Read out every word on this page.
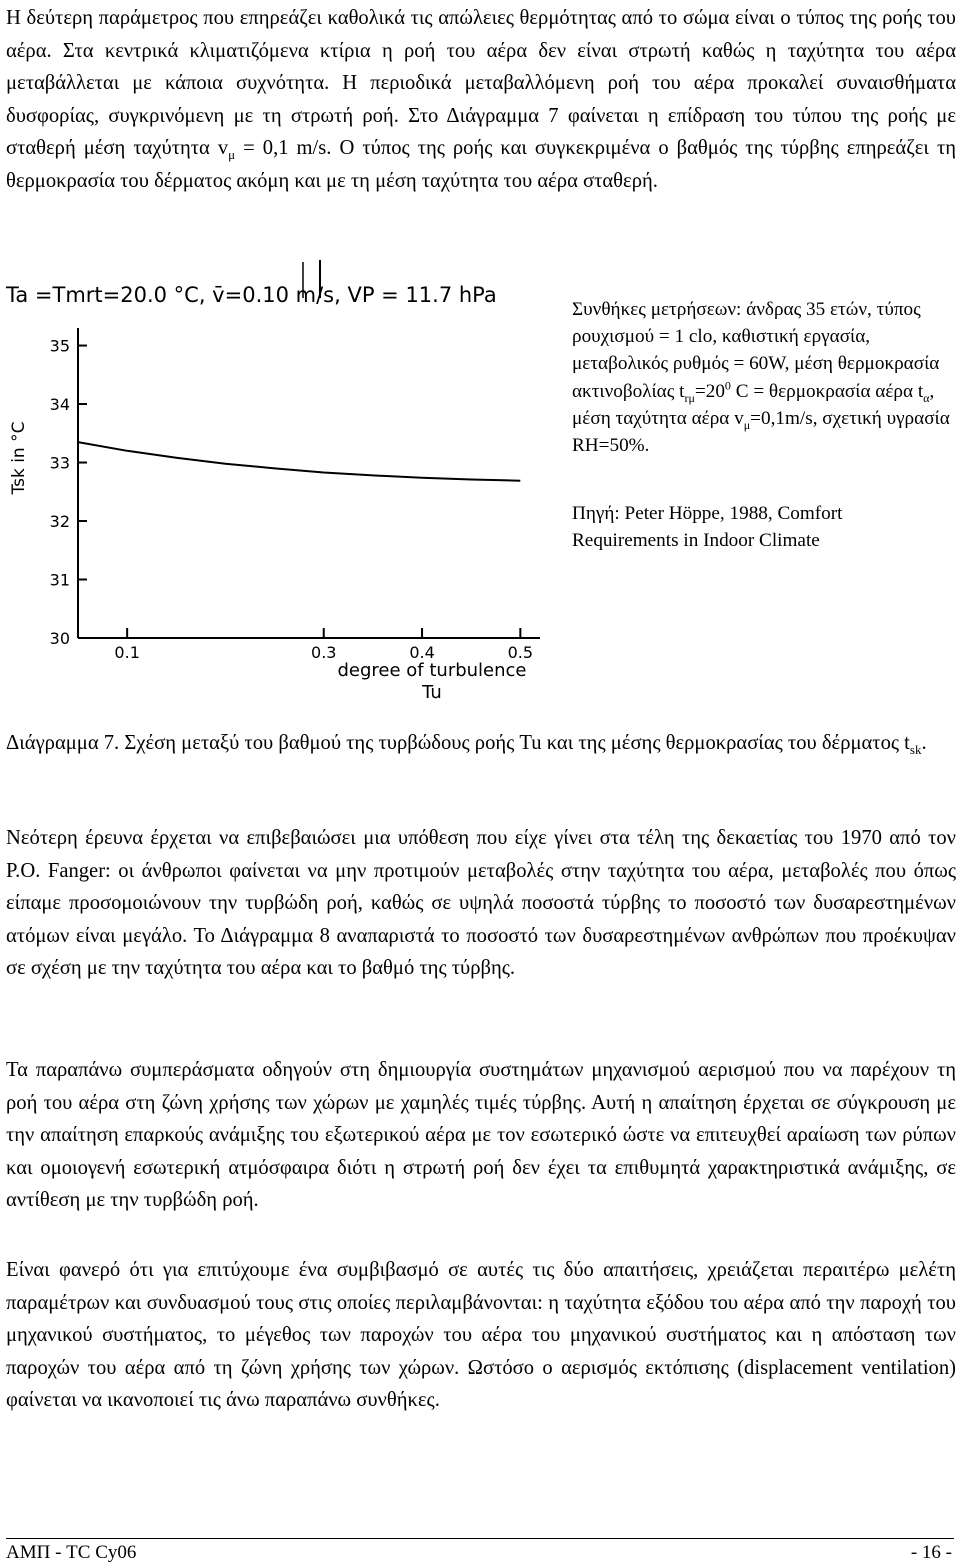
Η δεύτερη παράμετρος που επηρεάζει καθολικά τις απώλειες θερμότητας από το σώμα είναι ο τύπος της ροής του αέρα. Στα κεντρικά κλιματιζόμενα κτίρια η ροή του αέρα δεν είναι στρωτή καθώς η ταχύτητα του αέρα μεταβάλλεται με κάποια συχνότητα. Η περιοδικά μεταβαλλόμενη ροή του αέρα προκαλεί συναισθήματα δυσφορίας, συγκρινόμενη με τη στρωτή ροή. Στο Διάγραμμα 7 φαίνεται η επίδραση του τύπου της ροής με σταθερή μέση ταχύτητα $v_\mu = 0,1$ m/s. Ο τύπος της ροής και συγκεκριμένα ο βαθμός της τύρβης επηρεάζει τη θερμοκρασία του δέρματος ακόμη και με τη μέση ταχύτητα του αέρα σταθερή.

Ta =Tmrt=20.0 °C, v̄=0.10 m/s, VP = 11.7 hPa
Tsk in °C
35
34
33
32
31
30
0.1	0.3	0.4	0.5
degree of turbulence
Tu

Συνθήκες μετρήσεων: άνδρας 35 ετών, τύπος ρουχισμού = 1 clo, καθιστική εργασία, μεταβολικός ρυθμός = 60W, μέση θερμοκρασία ακτινοβολίας $t_{r\mu}=20^0$ C = θερμοκρασία αέρα $t_\alpha$, μέση ταχύτητα αέρα $v_\mu=0,1m/s$, σχετική υγρασία RH=50%.

Πηγή: Peter Höppe, 1988, Comfort Requirements in Indoor Climate

Διάγραμμα 7. Σχέση μεταξύ του βαθμού της τυρβώδους ροής Tu και της μέσης θερμοκρασίας του δέρματος $t_{sk}$.

Νεότερη έρευνα έρχεται να επιβεβαιώσει μια υπόθεση που είχε γίνει στα τέλη της δεκαετίας του 1970 από τον P.O. Fanger: οι άνθρωποι φαίνεται να μην προτιμούν μεταβολές στην ταχύτητα του αέρα, μεταβολές που όπως είπαμε προσομοιώνουν την τυρβώδη ροή, καθώς σε υψηλά ποσοστά τύρβης το ποσοστό των δυσαρεστημένων ατόμων είναι μεγάλο. Το Διάγραμμα 8 αναπαριστά το ποσοστό των δυσαρεστημένων ανθρώπων που προέκυψαν σε σχέση με την ταχύτητα του αέρα και το βαθμό της τύρβης.

Τα παραπάνω συμπεράσματα οδηγούν στη δημιουργία συστημάτων μηχανισμού αερισμού που να παρέχουν τη ροή του αέρα στη ζώνη χρήσης των χώρων με χαμηλές τιμές τύρβης. Αυτή η απαίτηση έρχεται σε σύγκρουση με την απαίτηση επαρκούς ανάμιξης του εξωτερικού αέρα με τον εσωτερικό ώστε να επιτευχθεί αραίωση των ρύπων και ομοιογενή εσωτερική ατμόσφαιρα διότι η στρωτή ροή δεν έχει τα επιθυμητά χαρακτηριστικά ανάμιξης, σε αντίθεση με την τυρβώδη ροή.

Είναι φανερό ότι για επιτύχουμε ένα συμβιβασμό σε αυτές τις δύο απαιτήσεις, χρειάζεται περαιτέρω μελέτη παραμέτρων και συνδυασμού τους στις οποίες περιλαμβάνονται: η ταχύτητα εξόδου του αέρα από την παροχή του μηχανικού συστήματος, το μέγεθος των παροχών του αέρα του μηχανικού συστήματος και η απόσταση των παροχών του αέρα από τη ζώνη χρήσης των χώρων. Ωστόσο ο αερισμός εκτόπισης (displacement ventilation) φαίνεται να ικανοποιεί τις άνω παραπάνω συνθήκες.

ΑΜΠ - TC Cy06	- 16 -
